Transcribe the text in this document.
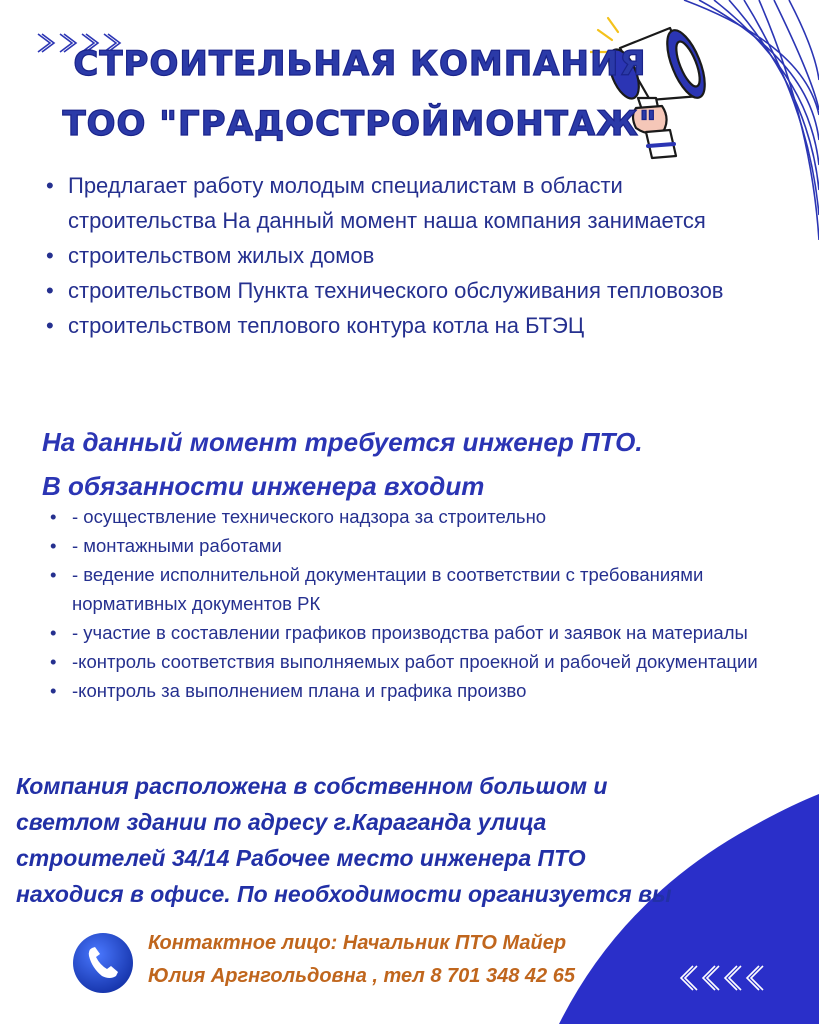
СТРОИТЕЛЬНАЯ КОМПАНИЯ
ТОО "ГРАДОСТРОЙМОНТАЖ"
• Предлагает работу молодым специалистам в области строительства На данный момент наша компания занимается
• строительством жилых домов
• строительством Пункта технического обслуживания тепловозов
• строительством теплового контура котла на БТЭЦ
На данный момент требуется инженер ПТО.
В обязанности инженера входит
• - осуществление технического надзора за строительно
• - монтажными работами
• - ведение исполнительной документации в соответствии с требованиями нормативных документов РК
• - участие в составлении графиков производства работ и заявок на материалы
• -контроль соответствия выполняемых работ проекной и рабочей документации
• -контроль за выполнением плана и графика произво
Компания расположена в собственном большом и
светлом здании по адресу г.Караганда улица
строителей 34/14 Рабочее место инженера ПТО
находися в офисе. По необходимости организуется вы
Контактное лицо: Начальник ПТО Майер
Юлия Аргнгольдовна , тел 8 701 348 42 65
